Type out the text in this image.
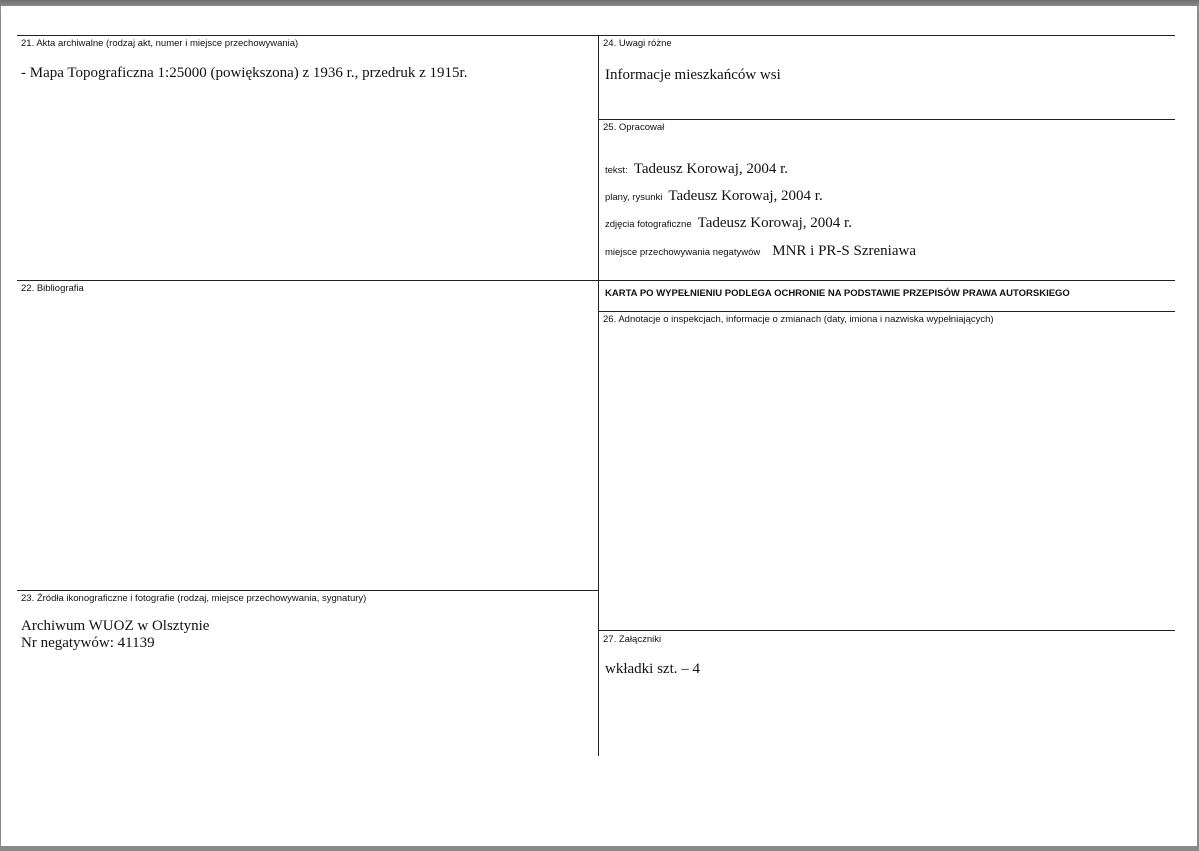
21. Akta archiwalne (rodzaj akt, numer i miejsce przechowywania)
- Mapa Topograficzna 1:25000 (powiększona) z 1936 r., przedruk z 1915r.
22. Bibliografia
23. Źródła ikonograficzne i fotografie (rodzaj, miejsce przechowywania, sygnatury)
Archiwum WUOZ w Olsztynie
Nr negatywów: 41139
24. Uwagi różne
Informacje mieszkańców wsi
25. Opracował
tekst: Tadeusz Korowaj, 2004 r.
plany, rysunki Tadeusz Korowaj, 2004 r.
zdjęcia fotograficzne Tadeusz Korowaj, 2004 r.
miejsce przechowywania negatywów MNR i PR-S Szreniawa
KARTA PO WYPEŁNIENIU PODLEGA OCHRONIE NA PODSTAWIE PRZEPISÓW PRAWA AUTORSKIEGO
26. Adnotacje o inspekcjach, informacje o zmianach (daty, imiona i nazwiska wypełniających)
27. Załączniki
wkładki szt. – 4
